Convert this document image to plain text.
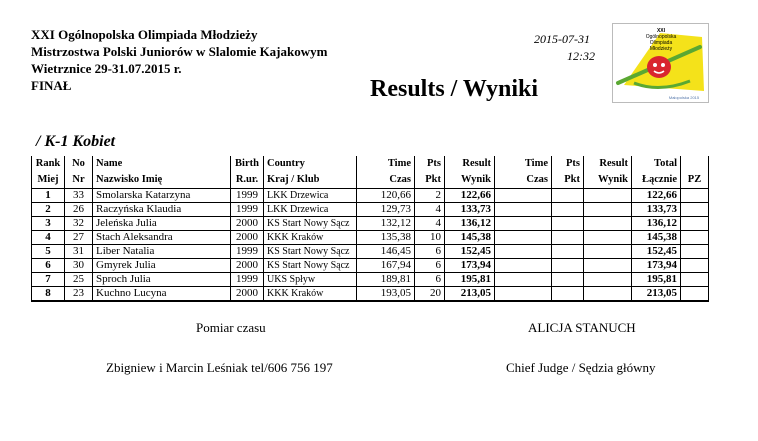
XXI Ogólnopolska Olimpiada Młodzieży
Mistrzostwa Polski Juniorów w Slalomie Kajakowym
Wietrznice 29-31.07.2015 r.
FINAŁ
2015-07-31
12:32
Results / Wyniki
XXI
Ogólnopolska
Olimpiada
Młodzieży
Małopolska 2015
/ K-1 Kobiet
Rank	No	Name	Birth	Country	Time	Pts	Result	Time	Pts	Result	Total	
Miej	Nr	Nazwisko Imię	R.ur.	Kraj / Klub	Czas	Pkt	Wynik	Czas	Pkt	Wynik	Łącznie	PZ
1	33	Smolarska Katarzyna	1999	LKK Drzewica	120,66	2	122,66				122,66	
2	26	Raczyńska Klaudia	1999	LKK Drzewica	129,73	4	133,73				133,73	
3	32	Jeleńska Julia	2000	KS Start Nowy Sącz	132,12	4	136,12				136,12	
4	27	Stach Aleksandra	2000	KKK Kraków	135,38	10	145,38				145,38	
5	31	Liber Natalia	1999	KS Start Nowy Sącz	146,45	6	152,45				152,45	
6	30	Gmyrek Julia	2000	KS Start Nowy Sącz	167,94	6	173,94				173,94	
7	25	Sproch Julia	1999	UKS Spływ	189,81	6	195,81				195,81	
8	23	Kuchno Lucyna	2000	KKK Kraków	193,05	20	213,05				213,05	
Pomiar czasu	ALICJA STANUCH
Zbigniew i Marcin Leśniak tel/606 756 197	Chief Judge / Sędzia główny
